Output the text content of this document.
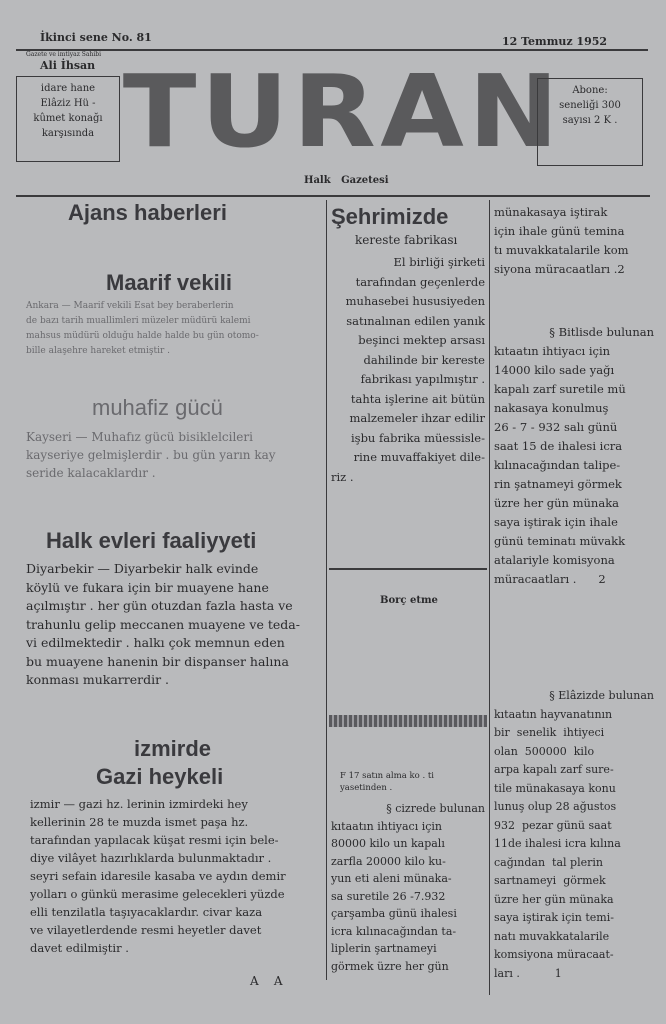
İkinci sene No. 81	12 Temmuz 1952
Gazete ve imtiyaz Sahibi
Ali İhsan
idare hane
Elâziz Hü -
kûmet konağı
karşısında TURAN Abone:
seneliği 300
sayısı 2 K .
Halk   Gazetesi
Ajans haberleri
Maarif vekili
Ankara — Maarif vekili Esat bey beraberlerin
de bazı tarih muallimleri müzeler müdürü kalemi
mahsus müdürü olduğu halde halde bu gün otomo-
bille alaşehre hareket etmiştir .
muhafiz gücü
Kayseri — Muhafız gücü bisiklelcileri
kayseriye gelmişlerdir . bu gün yarın kay
seride kalacaklardır .
Halk evleri faaliyyeti
Diyarbekir — Diyarbekir halk evinde
köylü ve fukara için bir muayene hane
açılmıştır . her gün otuzdan fazla hasta ve
trahunlu gelip meccanen muayene ve teda-
vi edilmektedir . halkı çok memnun eden
bu muayene hanenin bir dispanser halına
konması mukarrerdir .
izmirde
Gazi heykeli
izmir — gazi hz. lerinin izmirdeki hey
kellerinin 28 te muzda ismet paşa hz.
tarafından yapılacak küşat resmi için bele-
diye vilâyet hazırlıklarda bulunmaktadır .
seyri sefain idaresile kasaba ve aydın demir
yolları o günkü merasime gelecekleri yüzde
elli tenzilatla taşıyacaklardır. civar kaza
ve vilayetlerdende resmi heyetler davet
davet edilmiştir .
A    A
Şehrimizde
kereste fabrikası
El birliği şirketi
tarafından geçenlerde
muhasebei hususiyeden
satınalınan edilen yanık
beşinci mektep arsası
dahilinde bir kereste
fabrikası yapılmıştır .
tahta işlerine ait bütün
malzemeler ihzar edilir
işbu fabrika müessisle-
rine muvaffakiyet dile-
riz .
Borç etme
F 17 satın alma ko . ti
yasetinden .
§ cizrede bulunan
kıtaatın ihtiyacı için
80000 kilo un kapalı
zarfla 20000 kilo ku-
yun eti aleni münaka-
sa suretile 26 -7.932
çarşamba günü ihalesi
icra kılınacağından ta-
liplerin şartnameyi
görmek üzre her gün
münakasaya iştirak
için ihale günü temina
tı muvakkatalarile kom
siyona müracaatları .2
§ Bitlisde bulunan
kıtaatın ihtiyacı için
14000 kilo sade yağı
kapalı zarf suretile mü
nakasaya konulmuş
26 - 7 - 932 salı günü
saat 15 de ihalesi icra
kılınacağından talipe-
rin şatnameyi görmek
üzre her gün münaka
saya iştirak için ihale
günü teminatı müvakk
atalariyle komisyona
müracaatları .      2
§ Elâzizde bulunan
kıtaatın hayvanatının
bir  senelik  ihtiyeci
olan  500000  kilo
arpa kapalı zarf sure-
tile münakasaya konu
lunuş olup 28 ağustos
932  pezar günü saat
11de ihalesi icra kılına
cağından  tal plerin
sartnameyi  görmek
üzre her gün münaka
saya iştirak için temi-
natı muvakkatalarile
komsiyona müracaat-
ları .          1
